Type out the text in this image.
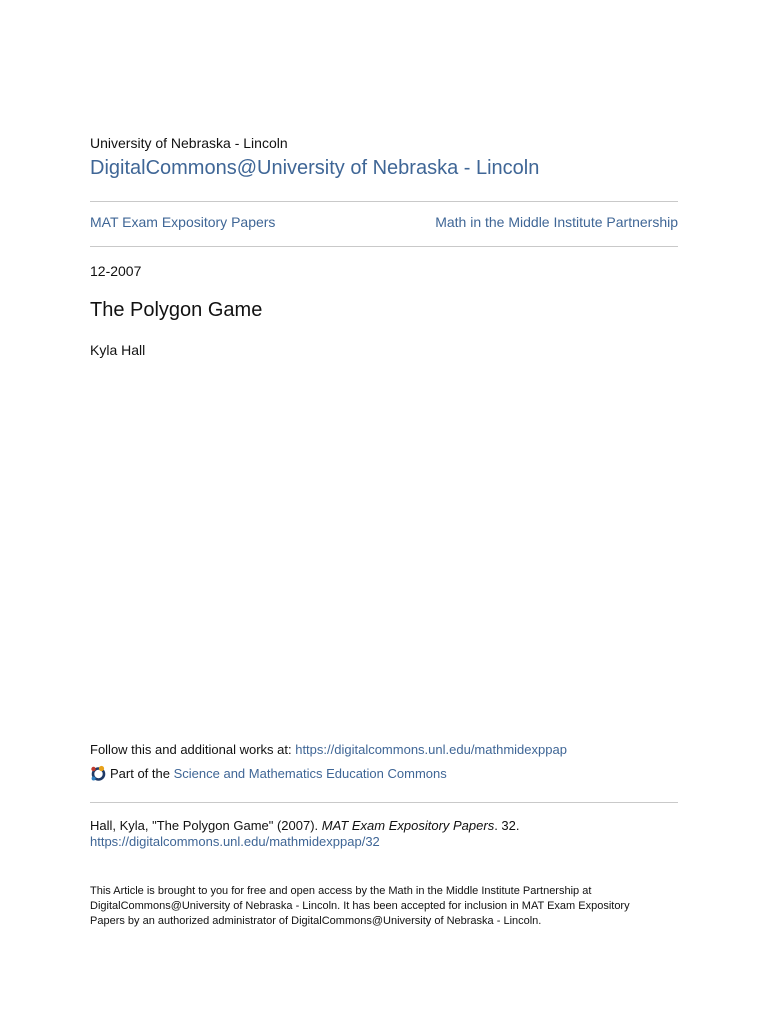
University of Nebraska - Lincoln
DigitalCommons@University of Nebraska - Lincoln
MAT Exam Expository Papers	Math in the Middle Institute Partnership
12-2007
The Polygon Game
Kyla Hall
Follow this and additional works at: https://digitalcommons.unl.edu/mathmidexppap
Part of the
Science and Mathematics Education Commons
Hall, Kyla, "The Polygon Game" (2007). MAT Exam Expository Papers. 32.
https://digitalcommons.unl.edu/mathmidexppap/32
This Article is brought to you for free and open access by the Math in the Middle Institute Partnership at DigitalCommons@University of Nebraska - Lincoln. It has been accepted for inclusion in MAT Exam Expository Papers by an authorized administrator of DigitalCommons@University of Nebraska - Lincoln.
